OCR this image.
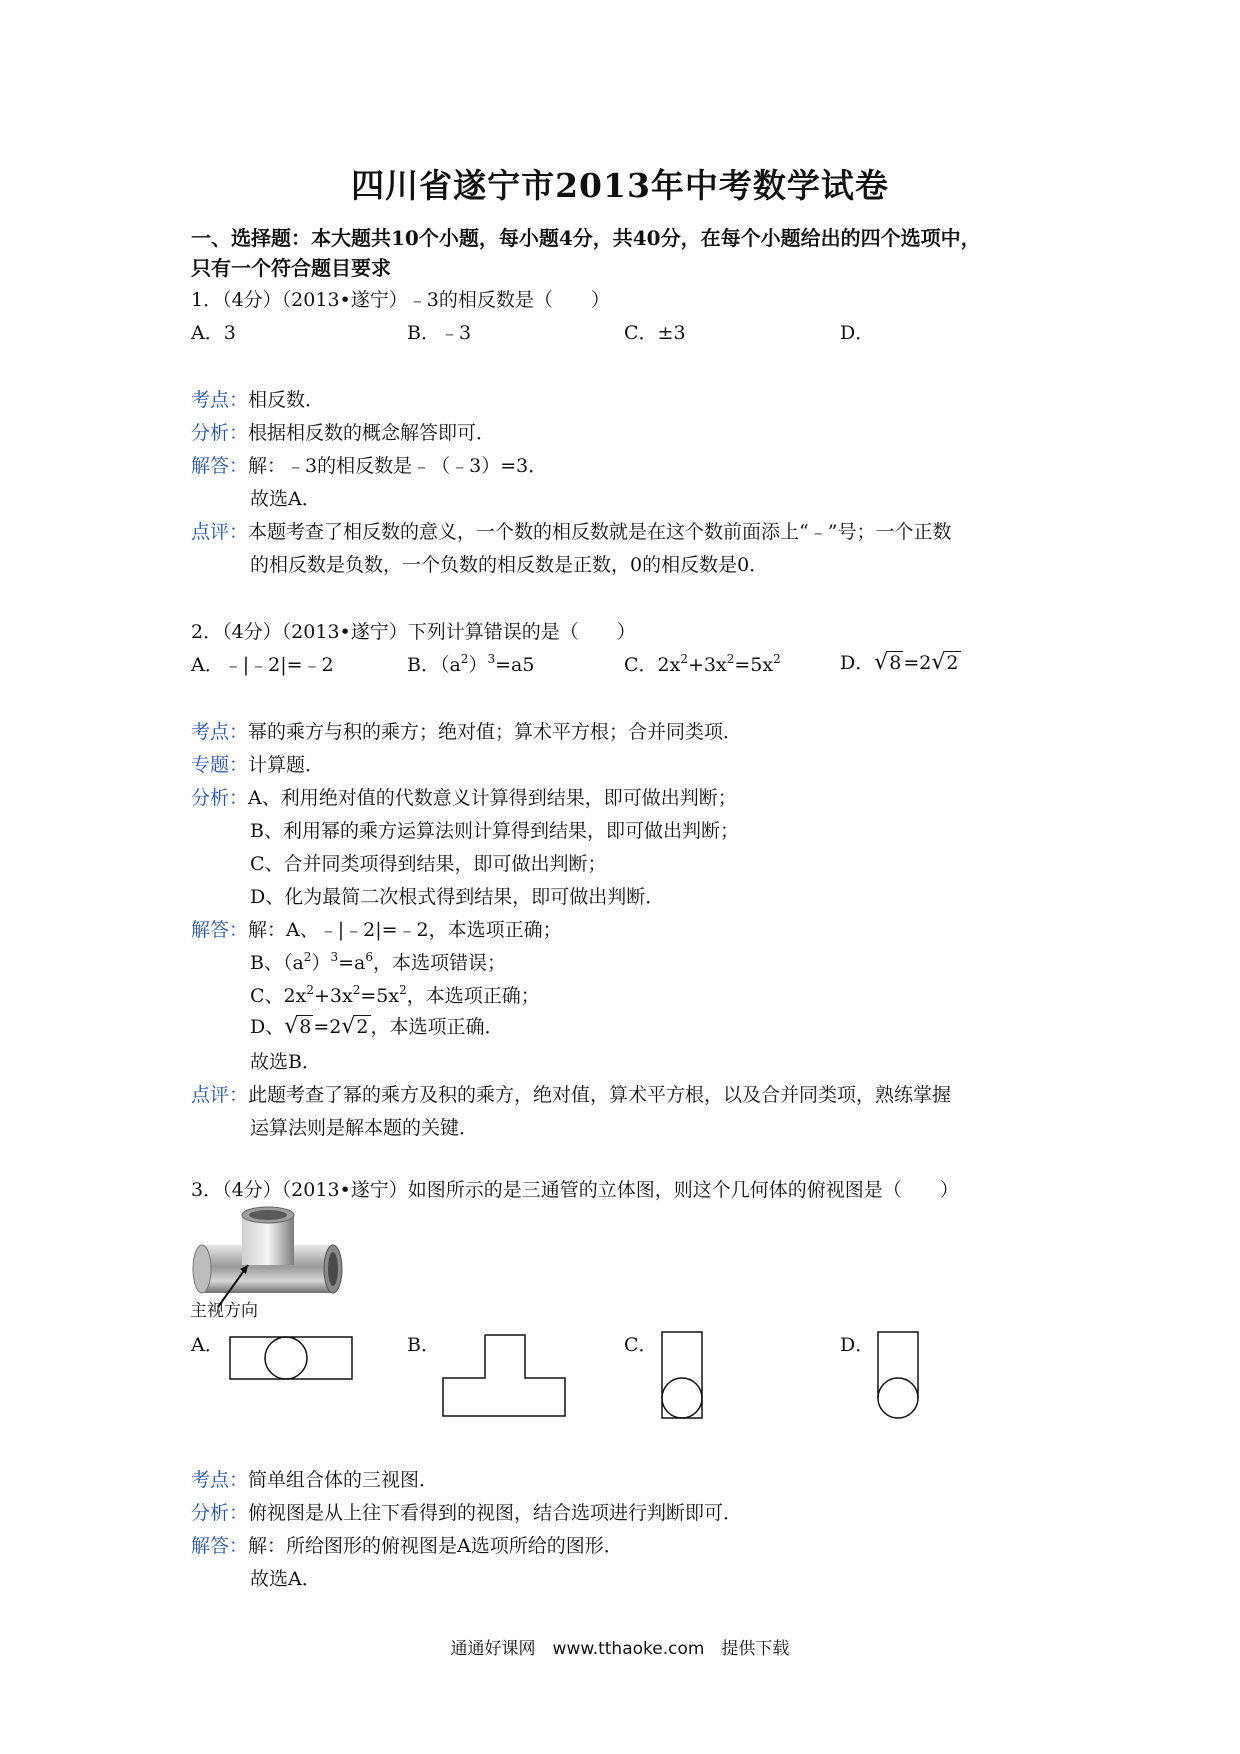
四川省遂宁市2013年中考数学试卷
一、选择题：本大题共10个小题，每小题4分，共40分，在每个小题给出的四个选项中，
只有一个符合题目要求
1．（4分）（2013•遂宁）﹣3的相反数是（　　）
A．3	B．﹣3	C．±3	D．
考点：相反数．
分析：根据相反数的概念解答即可．
解答：解：﹣3的相反数是﹣（﹣3）=3．
故选A．
点评：本题考查了相反数的意义，一个数的相反数就是在这个数前面添上“﹣”号；一个正数
的相反数是负数，一个负数的相反数是正数，0的相反数是0．
2．（4分）（2013•遂宁）下列计算错误的是（　　）
A．﹣|﹣2|=﹣2	B．$(a^2)^3=a5$	C．$2x^2+3x^2=5x^2$	D．√8 =2√2
考点：幂的乘方与积的乘方；绝对值；算术平方根；合并同类项．
专题：计算题．
分析：A、利用绝对值的代数意义计算得到结果，即可做出判断；
B、利用幂的乘方运算法则计算得到结果，即可做出判断；
C、合并同类项得到结果，即可做出判断；
D、化为最简二次根式得到结果，即可做出判断．
解答：解：A、﹣|﹣2|=﹣2，本选项正确；
B、$(a^2)^3=a^6$，本选项错误；
C、$2x^2+3x^2=5x^2$，本选项正确；
D、√8 =2√2 ，本选项正确．
故选B．
点评：此题考查了幂的乘方及积的乘方，绝对值，算术平方根，以及合并同类项，熟练掌握
运算法则是解本题的关键．
3．（4分）（2013•遂宁）如图所示的是三通管的立体图，则这个几何体的俯视图是（　　）
主视方向
A．	B．	C．	D．
考点：简单组合体的三视图．
分析：俯视图是从上往下看得到的视图，结合选项进行判断即可．
解答：解：所给图形的俯视图是A选项所给的图形．
故选A．
通通好课网　www.tthaoke.com　提供下载
